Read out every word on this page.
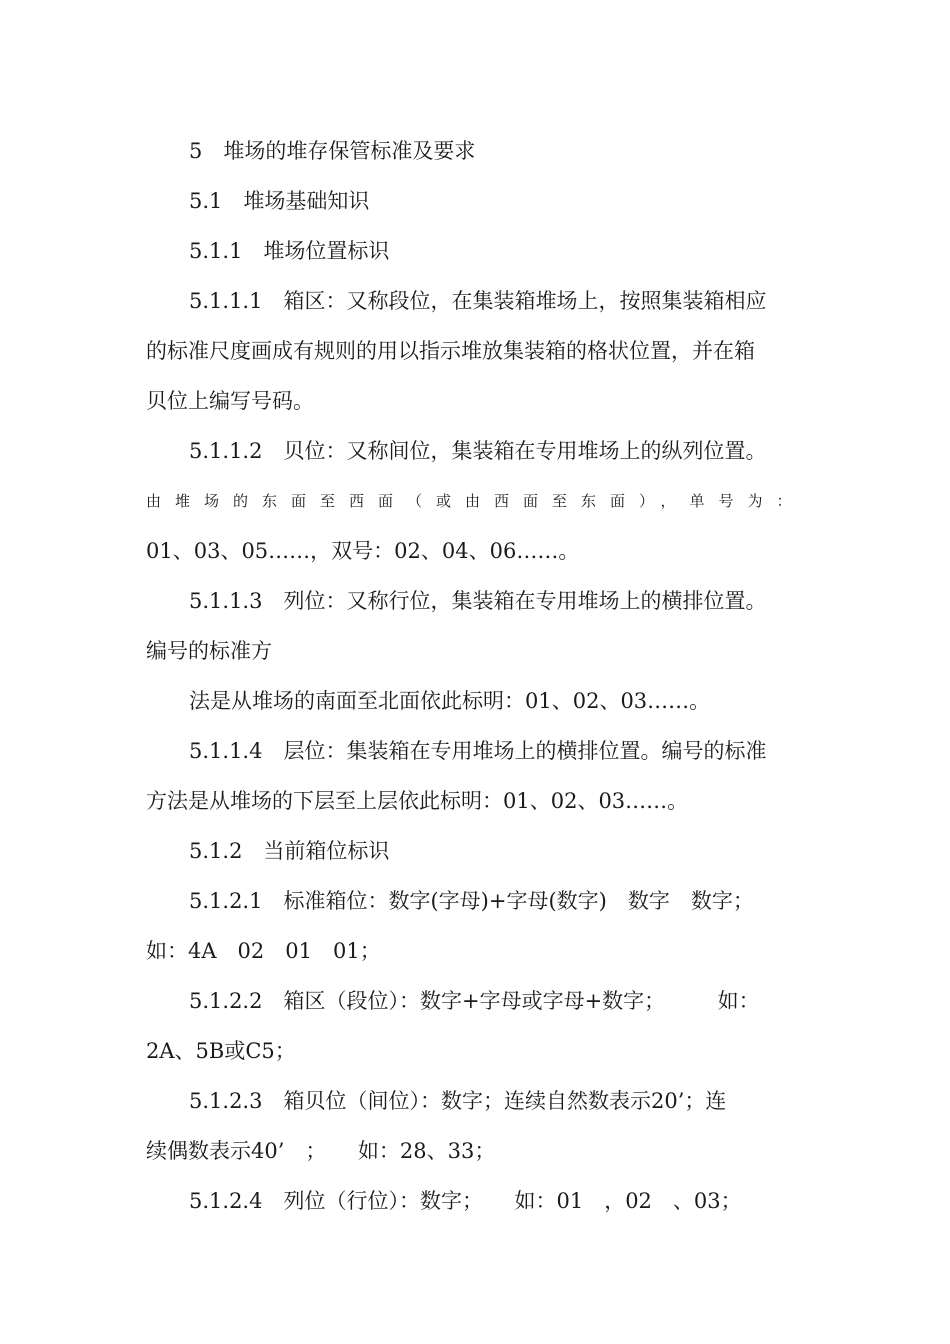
5　堆场的堆存保管标准及要求
5.1　堆场基础知识
5.1.1　堆场位置标识
5.1.1.1　箱区：又称段位，在集装箱堆场上，按照集装箱相应
的标准尺度画成有规则的用以指示堆放集装箱的格状位置，并在箱
贝位上编写号码。
5.1.1.2　贝位：又称间位，集装箱在专用堆场上的纵列位置。
由堆场的东面至西面（或由西面至东面），单号为：
01、03、05……，双号：02、04、06……。
5.1.1.3　列位：又称行位，集装箱在专用堆场上的横排位置。
编号的标准方
法是从堆场的南面至北面依此标明：01、02、03……。
5.1.1.4　层位：集装箱在专用堆场上的横排位置。编号的标准
方法是从堆场的下层至上层依此标明：01、02、03……。
5.1.2　当前箱位标识
5.1.2.1　标准箱位：数字(字母)+字母(数字)　数字　数字；
如：4A　02　01　01；
5.1.2.2　箱区（段位）：数字+字母或字母+数字；　　　如：
2A、5B或C5；
5.1.2.3　箱贝位（间位）：数字；连续自然数表示20’；连
续偶数表示40’　；　　如：28、33；
5.1.2.4　列位（行位）：数字；　　如：01　，02　、03；
